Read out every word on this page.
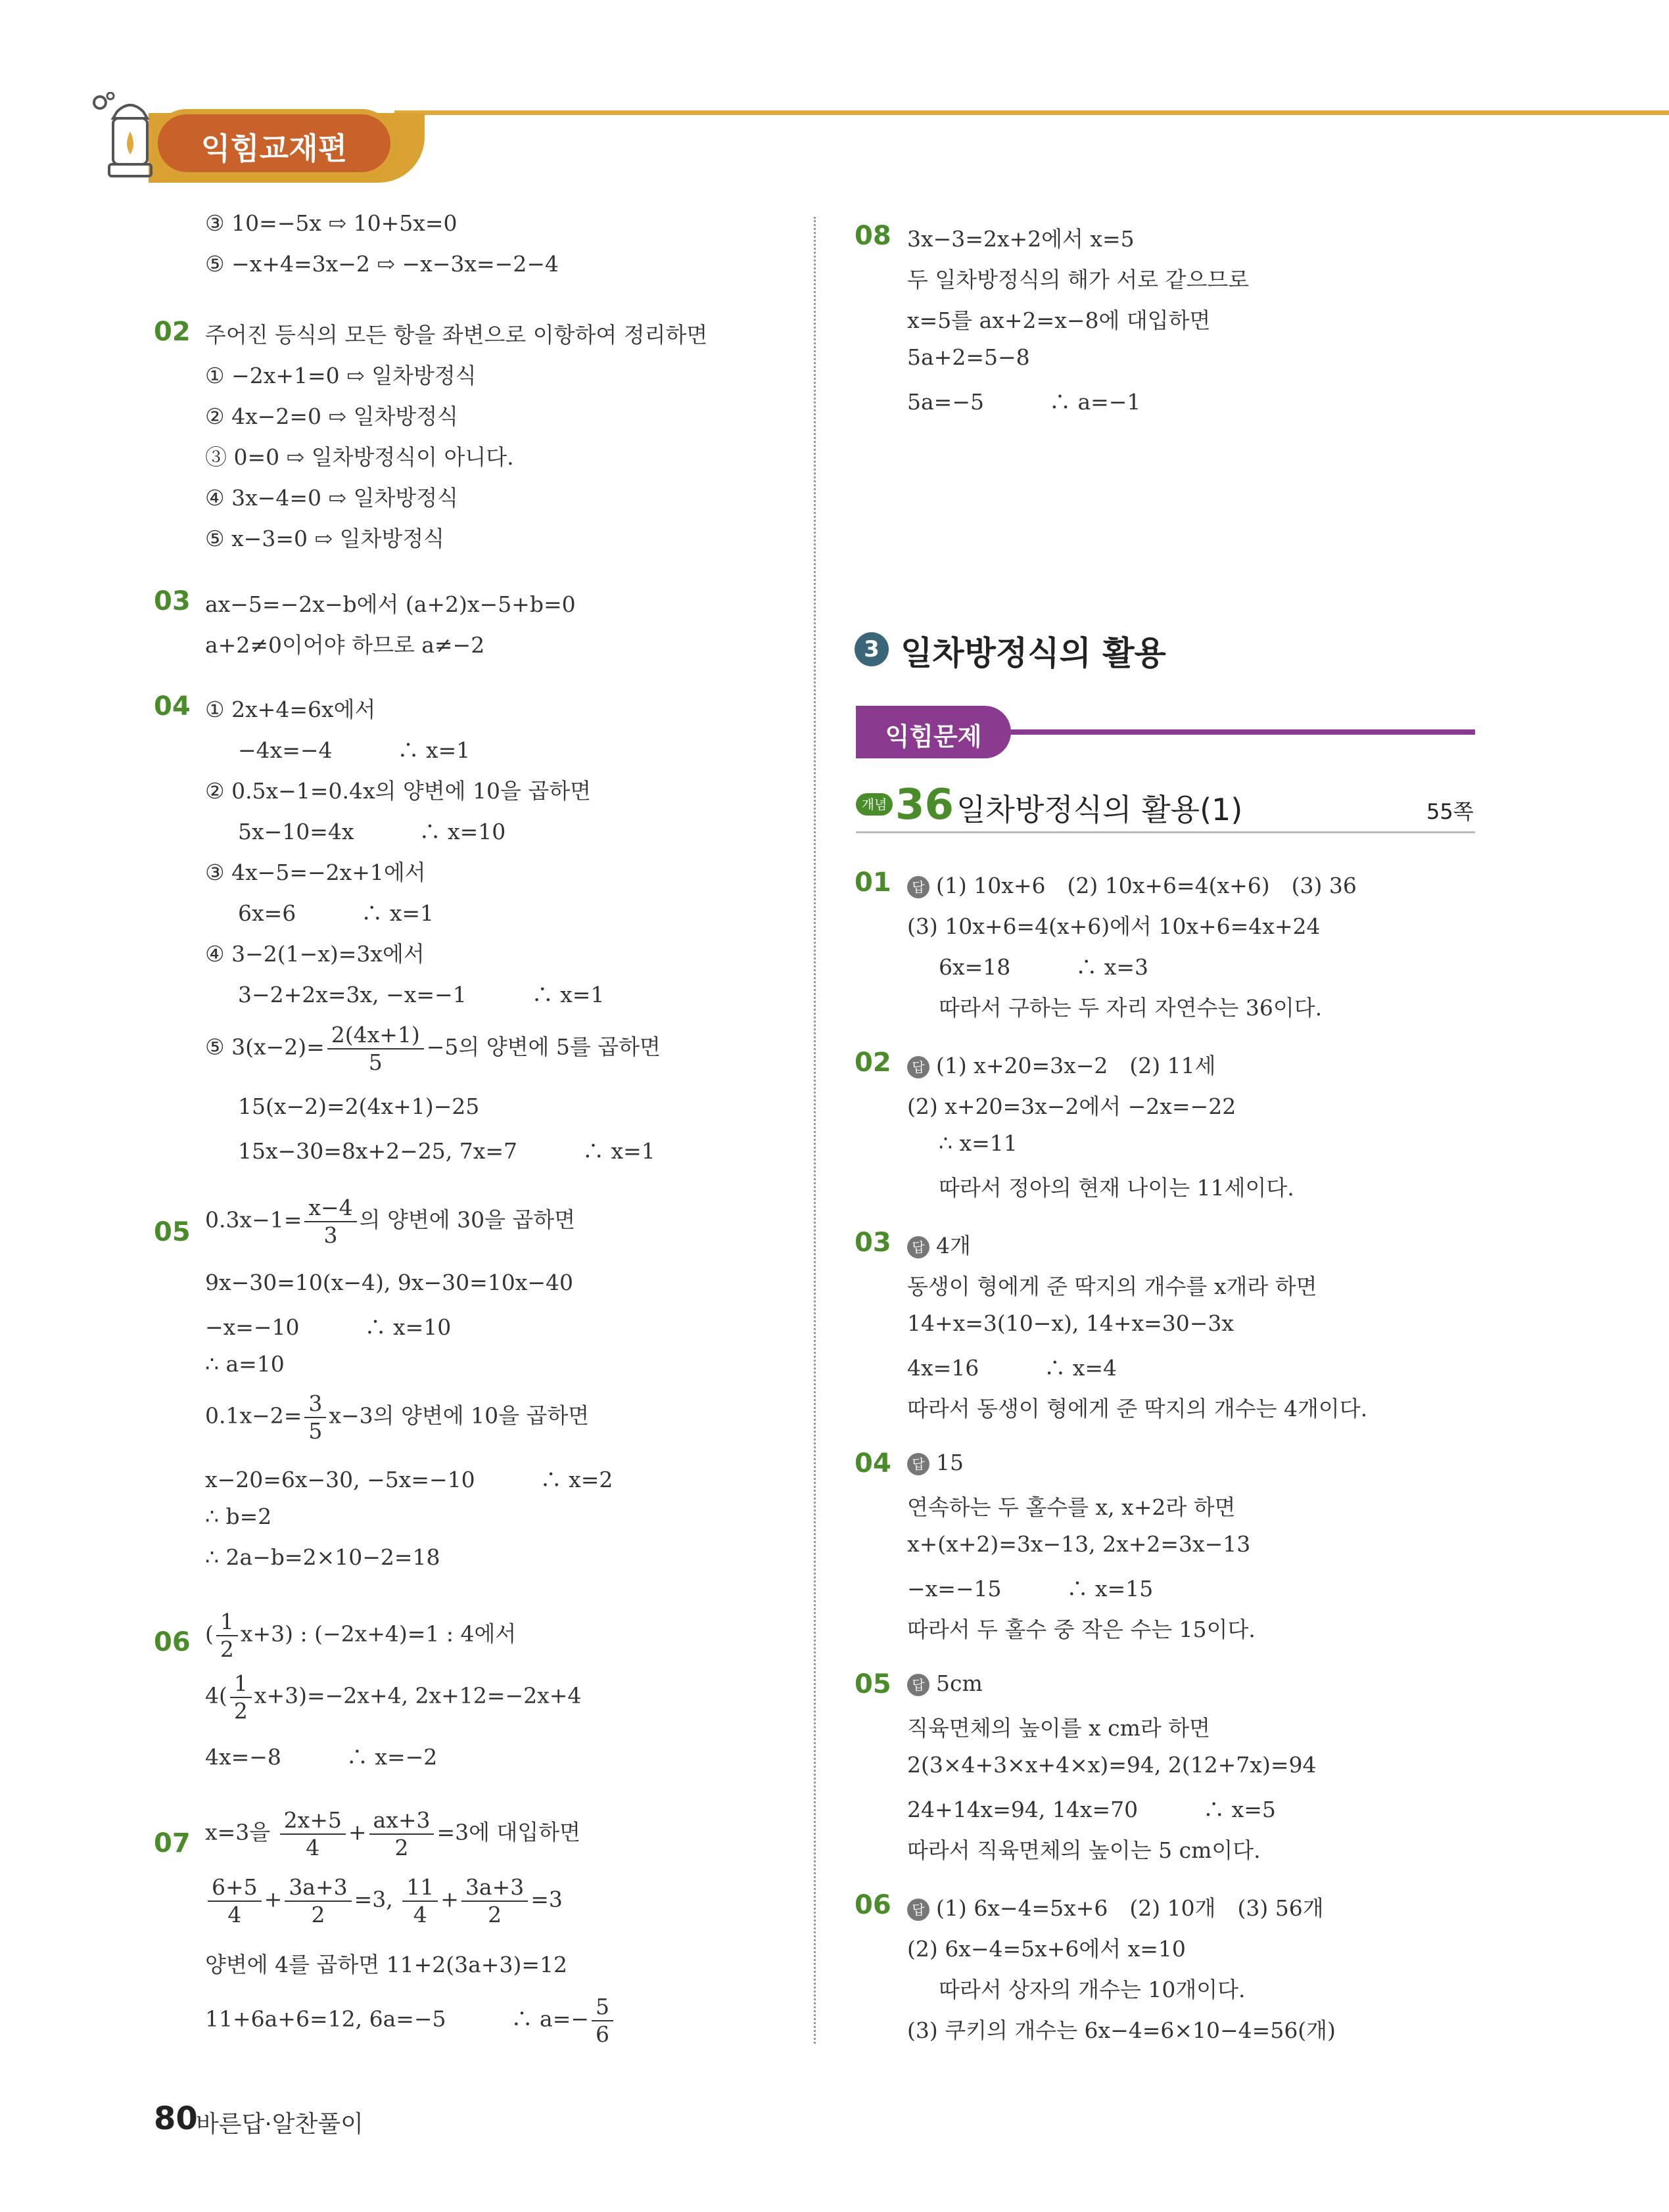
익힘교재편
③ 10=−5x ⇨ 10+5x=0
⑤ −x+4=3x−2 ⇨ −x−3x=−2−4
02 주어진 등식의 모든 항을 좌변으로 이항하여 정리하면
① −2x+1=0 ⇨ 일차방정식
② 4x−2=0 ⇨ 일차방정식
③ 0=0 ⇨ 일차방정식이 아니다.
④ 3x−4=0 ⇨ 일차방정식
⑤ x−3=0 ⇨ 일차방정식
03 ax−5=−2x−b에서 (a+2)x−5+b=0
a+2≠0이어야 하므로 a≠−2
04 ① 2x+4=6x에서
−4x=−4　　　∴ x=1
② 0.5x−1=0.4x의 양변에 10을 곱하면
5x−10=4x　　　∴ x=10
③ 4x−5=−2x+1에서
6x=6　　　∴ x=1
④ 3−2(1−x)=3x에서
3−2+2x=3x, −x=−1　　　∴ x=1
⑤ $3(x-2)= \frac{2(4x+1)}{5} -5$의 양변에 5를 곱하면
15(x−2)=2(4x+1)−25
15x−30=8x+2−25, 7x=7　　　∴ x=1
05 $0.3x-1= \frac{x-4}{3}$ 의 양변에 30을 곱하면
9x−30=10(x−4), 9x−30=10x−40
−x=−10　　　∴ x=10
∴ a=10
$0.1x-2= \frac{3}{5} x-3$의 양변에 10을 곱하면
x−20=6x−30, −5x=−10　　　∴ x=2
∴ b=2
∴ 2a−b=2×10−2=18
06 ( $\frac{1}{2} x+3$) : (−2x+4)=1 : 4에서
$4( \frac{1}{2} x+3)=-2x+4$, 2x+12=−2x+4
4x=−8　　　∴ x=−2
07 x=3을 $\frac{2x+5}{4} + \frac{ax+3}{2} =3$에 대입하면
$\frac{6+5}{4} + \frac{3a+3}{2} =3$, $\frac{11}{4} + \frac{3a+3}{2} =3$
양변에 4를 곱하면 11+2(3a+3)=12
11+6a+6=12, 6a=−5　　　∴ $a=- \frac{5}{6}$
08 3x−3=2x+2에서 x=5
두 일차방정식의 해가 서로 같으므로
x=5를 ax+2=x−8에 대입하면
5a+2=5−8
5a=−5　　　∴ a=−1
3 일차방정식의 활용
익힘문제
개념 36 일차방정식의 활용(1)	55쪽
01	답 (1) 10x+6　(2) 10x+6=4(x+6)　(3) 36
(3) 10x+6=4(x+6)에서 10x+6=4x+24
6x=18　　　∴ x=3
따라서 구하는 두 자리 자연수는 36이다.
02	답 (1) x+20=3x−2　(2) 11세
(2) x+20=3x−2에서 −2x=−22
∴ x=11
따라서 정아의 현재 나이는 11세이다.
03	답 4개
동생이 형에게 준 딱지의 개수를 x개라 하면
14+x=3(10−x), 14+x=30−3x
4x=16　　　∴ x=4
따라서 동생이 형에게 준 딱지의 개수는 4개이다.
04	답 15
연속하는 두 홀수를 x, x+2라 하면
x+(x+2)=3x−13, 2x+2=3x−13
−x=−15　　　∴ x=15
따라서 두 홀수 중 작은 수는 15이다.
05	답 5cm
직육면체의 높이를 x cm라 하면
2(3×4+3×x+4×x)=94, 2(12+7x)=94
24+14x=94, 14x=70　　　∴ x=5
따라서 직육면체의 높이는 5 cm이다.
06	답 (1) 6x−4=5x+6　(2) 10개　(3) 56개
(2) 6x−4=5x+6에서 x=10
따라서 상자의 개수는 10개이다.
(3) 쿠키의 개수는 6x−4=6×10−4=56(개)
80
바른답·알찬풀이
